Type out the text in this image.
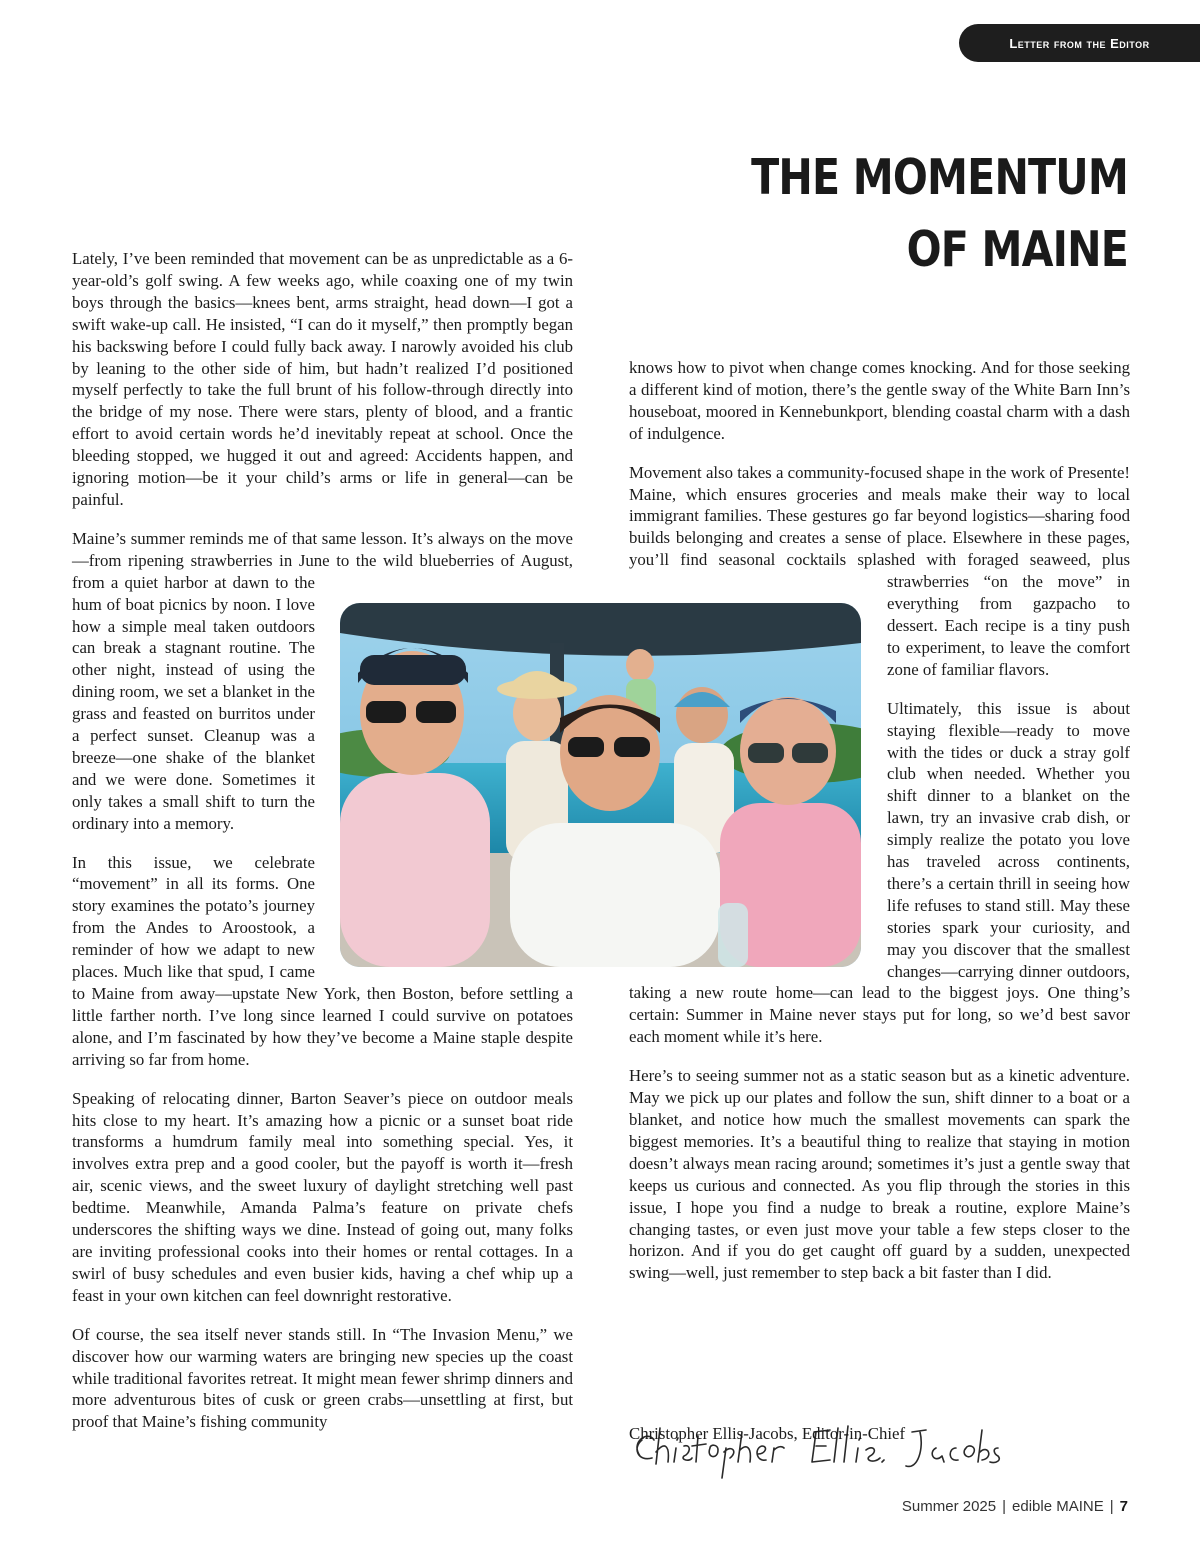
Letter from the Editor
THE MOMENTUM
OF MAINE

Lately, I’ve been reminded that movement can be as unpredictable as a 6-year-old’s golf swing. A few weeks ago, while coaxing one of my twin boys through the basics—knees bent, arms straight, head down—I got a swift wake-up call. He insisted, “I can do it myself,” then promptly began his backswing before I could fully back away. I narowly avoided his club by leaning to the other side of him, but hadn’t realized I’d positioned myself perfectly to take the full brunt of his follow-through directly into the bridge of my nose. There were stars, plenty of blood, and a frantic effort to avoid certain words he’d inevitably repeat at school. Once the bleeding stopped, we hugged it out and agreed: Accidents happen, and ignoring motion—be it your child’s arms or life in general—can be painful.

Maine’s summer reminds me of that same lesson. It’s always on the move—from ripening strawberries in June to the wild blueberries of August, from a quiet harbor at dawn to the hum of boat picnics by noon. I love how a simple meal taken outdoors can break a stagnant routine. The other night, instead of using the dining room, we set a blanket in the grass and feasted on burritos under a perfect sunset. Cleanup was a breeze—one shake of the blanket and we were done. Sometimes it only takes a small shift to turn the ordinary into a memory.

In this issue, we celebrate “movement” in all its forms. One story examines the potato’s journey from the Andes to Aroostook, a reminder of how we adapt to new places. Much like that spud, I came to Maine from away—upstate New York, then Boston, before settling a little farther north. I’ve long since learned I could survive on potatoes alone, and I’m fascinated by how they’ve become a Maine staple despite arriving so far from home.

Speaking of relocating dinner, Barton Seaver’s piece on outdoor meals hits close to my heart. It’s amazing how a picnic or a sunset boat ride transforms a humdrum family meal into something special. Yes, it involves extra prep and a good cooler, but the payoff is worth it—fresh air, scenic views, and the sweet luxury of daylight stretching well past bedtime. Meanwhile, Amanda Palma’s feature on private chefs underscores the shifting ways we dine. Instead of going out, many folks are inviting professional cooks into their homes or rental cottages. In a swirl of busy schedules and even busier kids, having a chef whip up a feast in your own kitchen can feel downright restorative.

Of course, the sea itself never stands still. In “The Invasion Menu,” we discover how our warming waters are bringing new species up the coast while traditional favorites retreat. It might mean fewer shrimp dinners and more adventurous bites of cusk or green crabs—unsettling at first, but proof that Maine’s fishing community

knows how to pivot when change comes knocking. And for those seeking a different kind of motion, there’s the gentle sway of the White Barn Inn’s houseboat, moored in Kennebunkport, blending coastal charm with a dash of indulgence.

Movement also takes a community-focused shape in the work of Presente! Maine, which ensures groceries and meals make their way to local immigrant families. These gestures go far beyond logistics—sharing food builds belonging and creates a sense of place. Elsewhere in these pages, you’ll find seasonal cocktails splashed with foraged seaweed, plus strawberries “on the move” in everything from gazpacho to dessert. Each recipe is a tiny push to experiment, to leave the comfort zone of familiar flavors.

Ultimately, this issue is about staying flexible—ready to move with the tides or duck a stray golf club when needed. Whether you shift dinner to a blanket on the lawn, try an invasive crab dish, or simply realize the potato you love has traveled across continents, there’s a certain thrill in seeing how life refuses to stand still. May these stories spark your curiosity, and may you discover that the smallest changes—carrying dinner outdoors, taking a new route home—can lead to the biggest joys. One thing’s certain: Summer in Maine never stays put for long, so we’d best savor each moment while it’s here.

Here’s to seeing summer not as a static season but as a kinetic adventure. May we pick up our plates and follow the sun, shift dinner to a boat or a blanket, and notice how much the smallest movements can spark the biggest memories. It’s a beautiful thing to realize that staying in motion doesn’t always mean racing around; sometimes it’s just a gentle sway that keeps us curious and connected. As you flip through the stories in this issue, I hope you find a nudge to break a routine, explore Maine’s changing tastes, or even just move your table a few steps closer to the horizon. And if you do get caught off guard by a sudden, unexpected swing—well, just remember to step back a bit faster than I did.

Christopher Ellis-Jacobs, Editor-in-Chief
Summer 2025 | edible MAINE | 7
